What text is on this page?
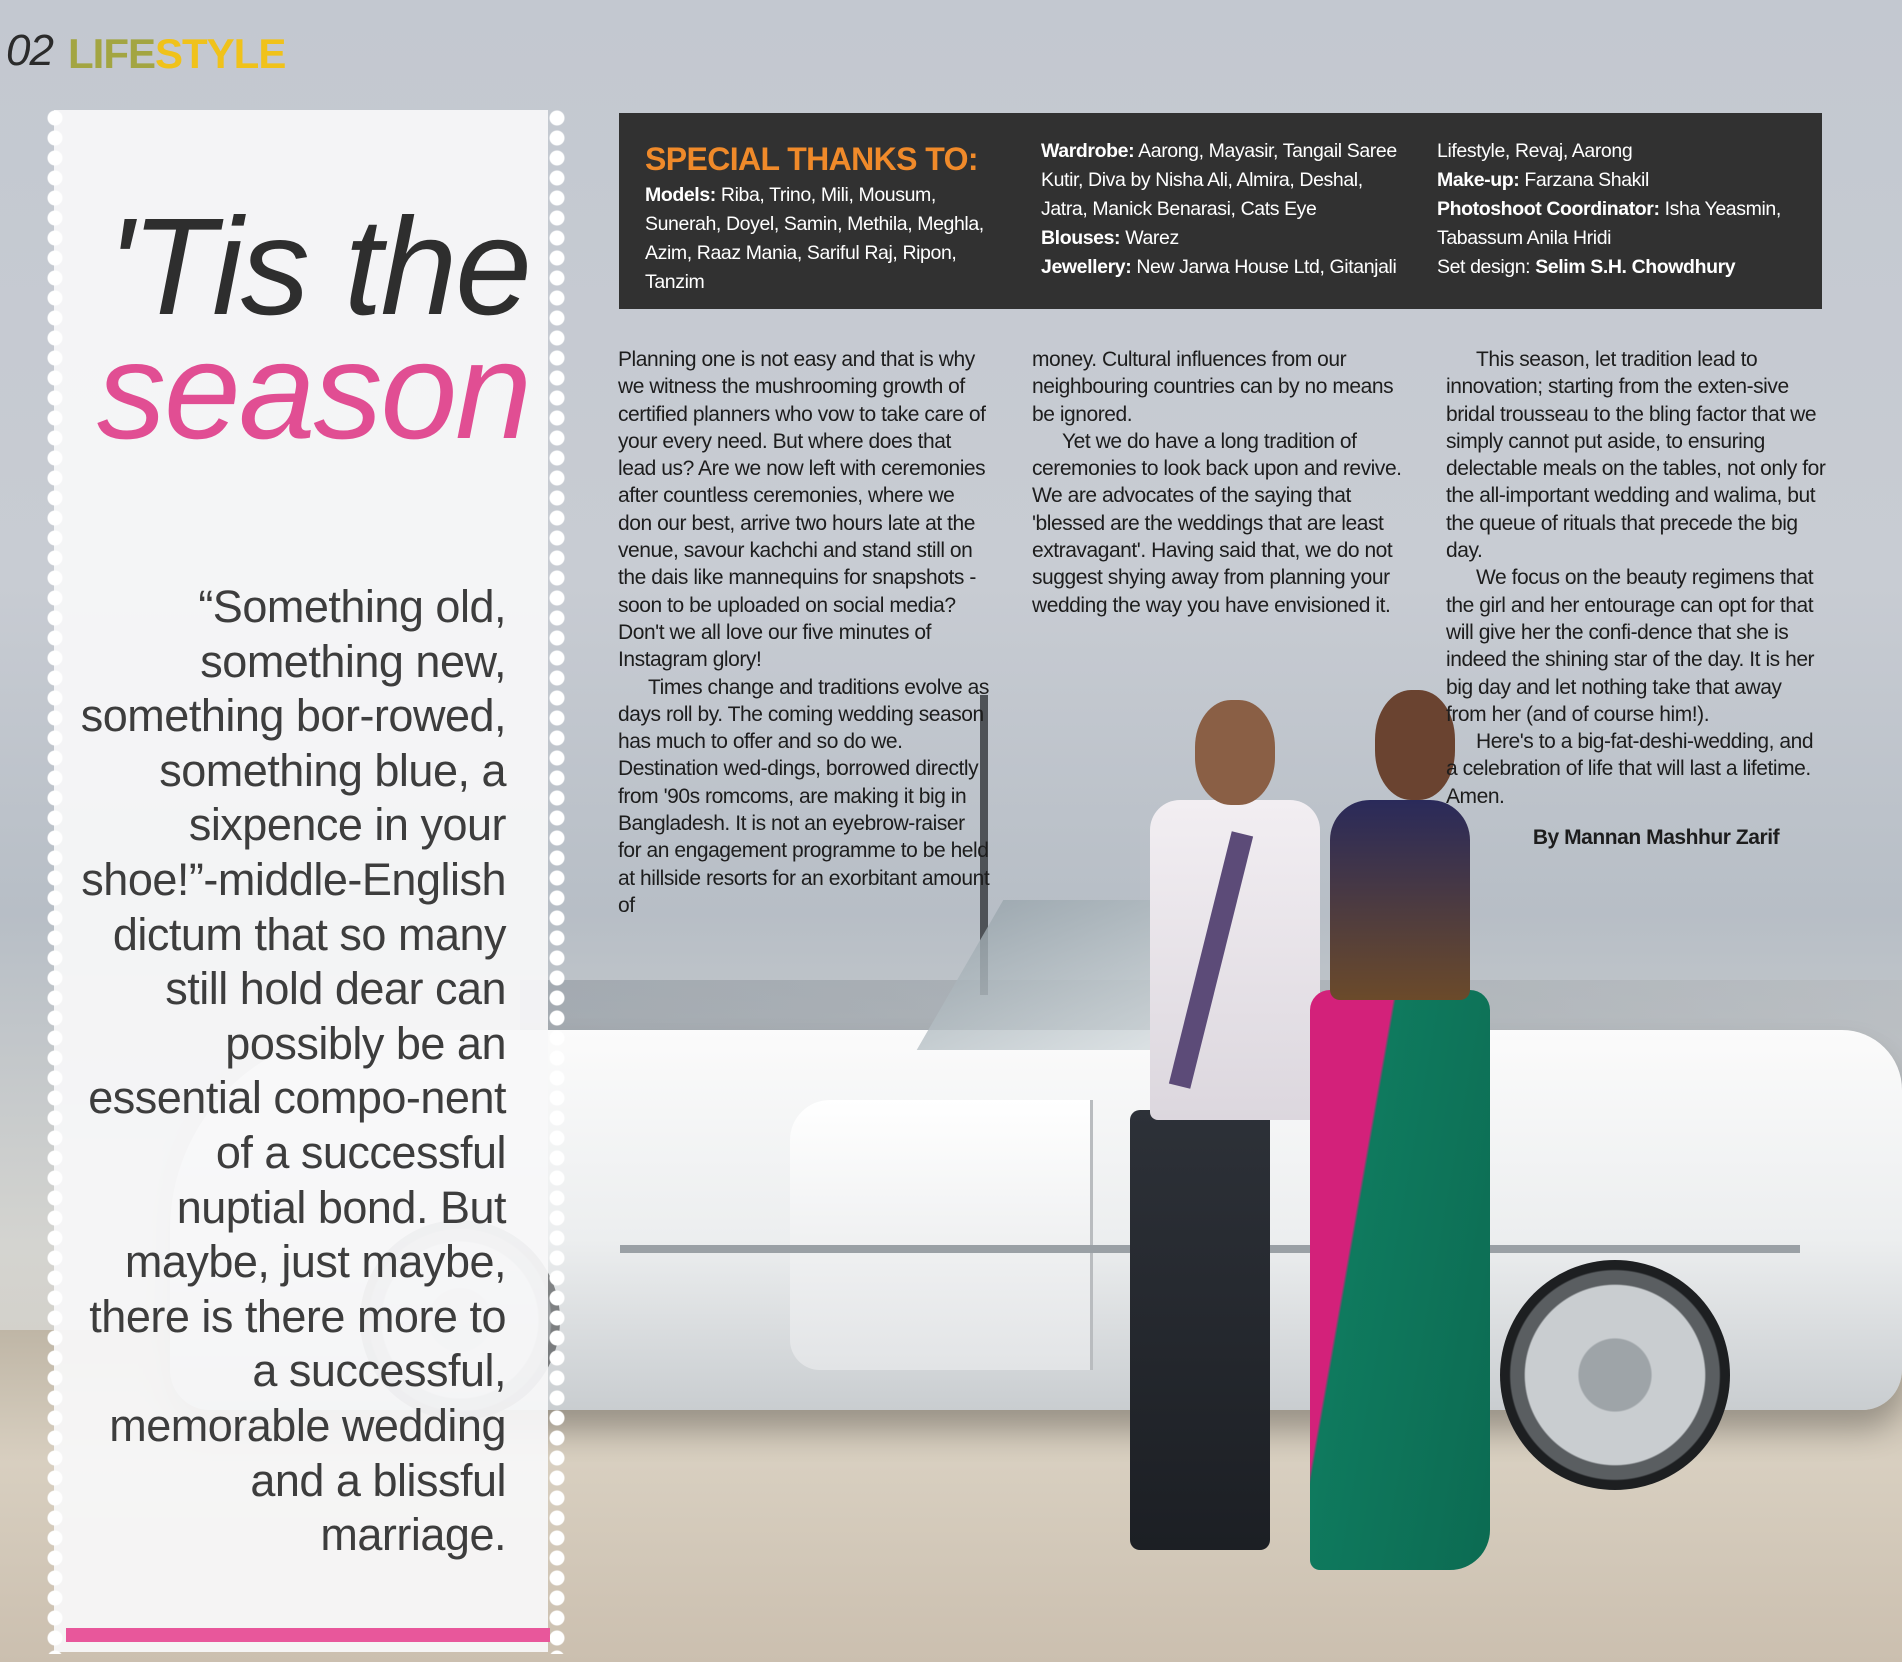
02 LIFESTYLE
'Tis the
season
“Something old, something new, something bor-rowed, something blue, a sixpence in your shoe!”-middle-English dictum that so many still hold dear can possibly be an essential compo-nent of a successful nuptial bond. But maybe, just maybe, there is there more to a successful, memorable wedding and a blissful marriage.
SPECIAL THANKS TO:
Models: Riba, Trino, Mili, Mousum, Sunerah, Doyel, Samin, Methila, Meghla, Azim, Raaz Mania, Sariful Raj, Ripon, Tanzim
Wardrobe: Aarong, Mayasir, Tangail Saree Kutir, Diva by Nisha Ali, Almira, Deshal, Jatra, Manick Benarasi, Cats Eye
Blouses: Warez
Jewellery: New Jarwa House Ltd, Gitanjali
Lifestyle, Revaj, Aarong
Make-up: Farzana Shakil
Photoshoot Coordinator: Isha Yeasmin, Tabassum Anila Hridi
Set design: Selim S.H. Chowdhury

Planning one is not easy and that is why we witness the mushrooming growth of certified planners who vow to take care of your every need. But where does that lead us? Are we now left with ceremonies after countless ceremonies, where we don our best, arrive two hours late at the venue, savour kachchi and stand still on the dais like mannequins for snapshots - soon to be uploaded on social media? Don't we all love our five minutes of Instagram glory!

Times change and traditions evolve as days roll by. The coming wedding season has much to offer and so do we. Destination wed-dings, borrowed directly from '90s romcoms, are making it big in Bangladesh. It is not an eyebrow-raiser for an engagement programme to be held at hillside resorts for an exorbitant amount of

money. Cultural influences from our neighbouring countries can by no means be ignored.

Yet we do have a long tradition of ceremonies to look back upon and revive. We are advocates of the saying that 'blessed are the weddings that are least extravagant'. Having said that, we do not suggest shying away from planning your wedding the way you have envisioned it.

This season, let tradition lead to innovation; starting from the exten-sive bridal trousseau to the bling factor that we simply cannot put aside, to ensuring delectable meals on the tables, not only for the all-important wedding and walima, but the queue of rituals that precede the big day.

We focus on the beauty regimens that the girl and her entourage can opt for that will give her the confi-dence that she is indeed the shining star of the day. It is her big day and let nothing take that away from her (and of course him!).

Here's to a big-fat-deshi-wedding, and a celebration of life that will last a lifetime. Amen.

By Mannan Mashhur Zarif
